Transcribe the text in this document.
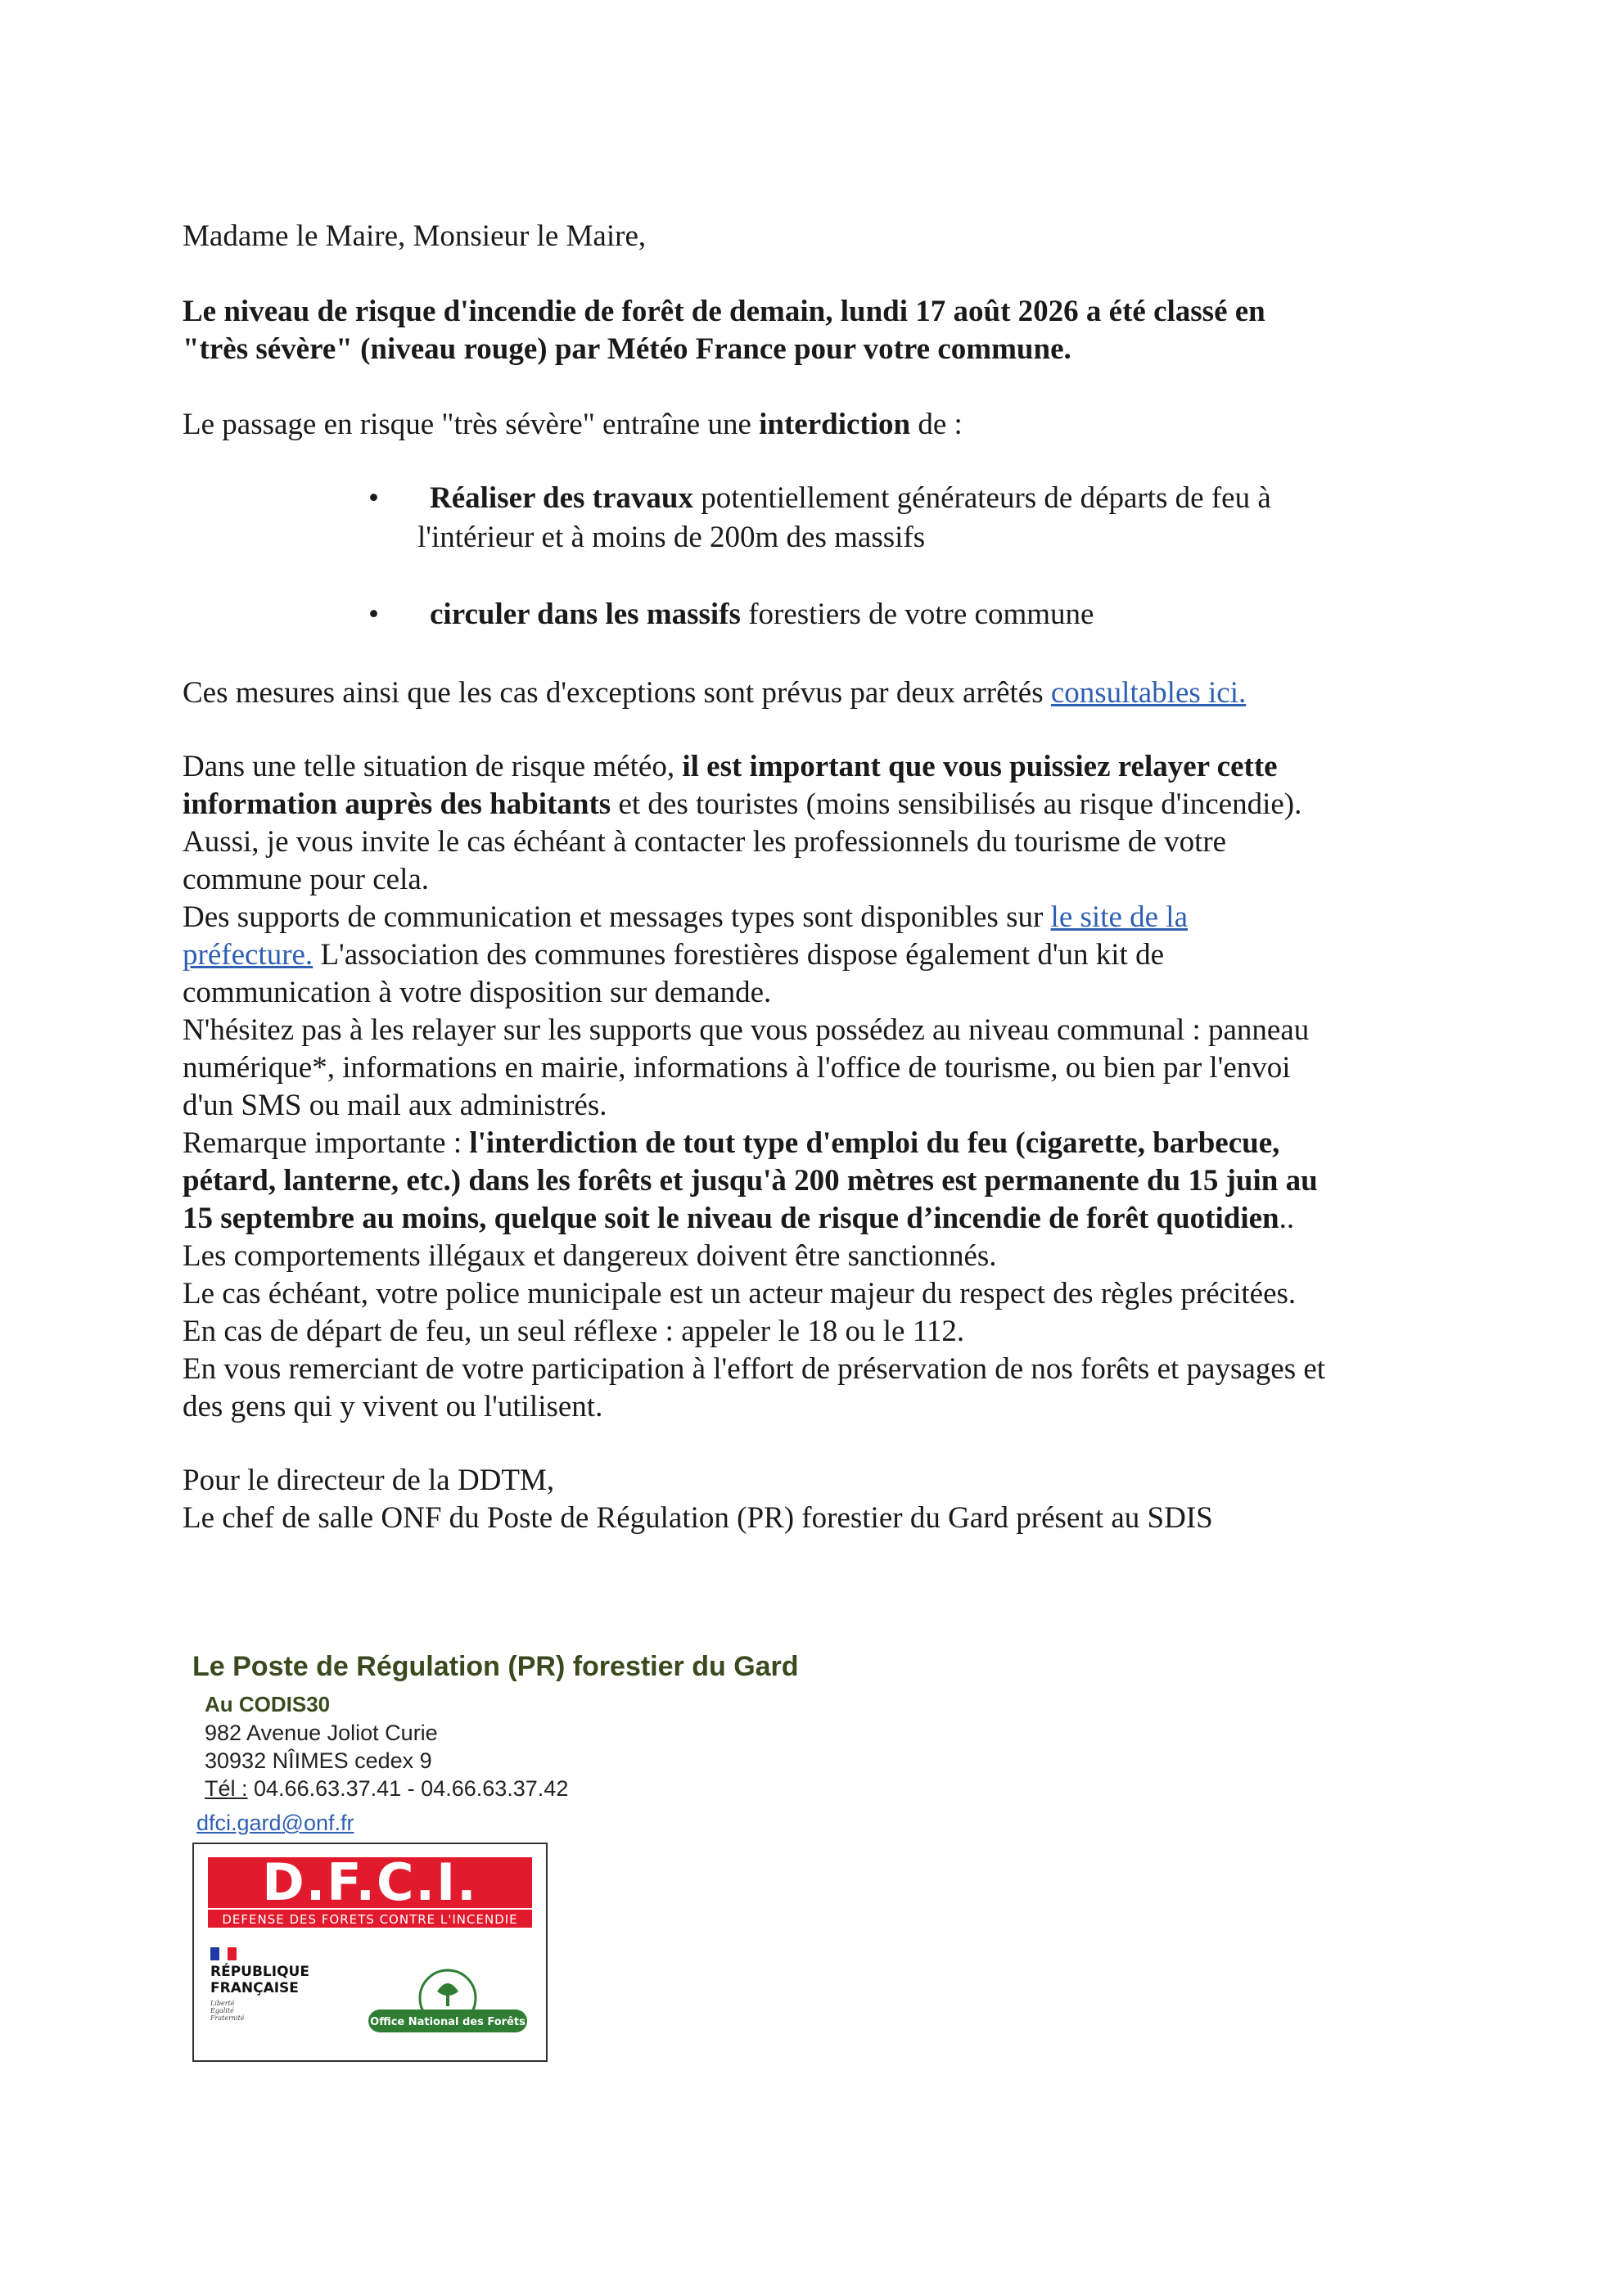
Madame le Maire, Monsieur le Maire,

Le niveau de risque d'incendie de forêt de demain, lundi 17 août 2026 a été classé en

"très sévère" (niveau rouge) par Météo France pour votre commune.

Le passage en risque "très sévère" entraîne une interdiction de :

•	Réaliser des travaux potentiellement générateurs de départs de feu à
l'intérieur et à moins de 200m des massifs
•	circuler dans les massifs forestiers de votre commune

Ces mesures ainsi que les cas d'exceptions sont prévus par deux arrêtés consultables ici.

Dans une telle situation de risque météo, il est important que vous puissiez relayer cette

information auprès des habitants et des touristes (moins sensibilisés au risque d'incendie).

Aussi, je vous invite le cas échéant à contacter les professionnels du tourisme de votre

commune pour cela.

Des supports de communication et messages types sont disponibles sur le site de la

préfecture. L'association des communes forestières dispose également d'un kit de

communication à votre disposition sur demande.

N'hésitez pas à les relayer sur les supports que vous possédez au niveau communal : panneau

numérique*, informations en mairie, informations à l'office de tourisme, ou bien par l'envoi

d'un SMS ou mail aux administrés.

Remarque importante : l'interdiction de tout type d'emploi du feu (cigarette, barbecue,

pétard, lanterne, etc.) dans les forêts et jusqu'à 200 mètres est permanente du 15 juin au

15 septembre au moins, quelque soit le niveau de risque d’incendie de forêt quotidien..

Les comportements illégaux et dangereux doivent être sanctionnés.

Le cas échéant, votre police municipale est un acteur majeur du respect des règles précitées.

En cas de départ de feu, un seul réflexe : appeler le 18 ou le 112.

En vous remerciant de votre participation à l'effort de préservation de nos forêts et paysages et

des gens qui y vivent ou l'utilisent.

Pour le directeur de la DDTM,

Le chef de salle ONF du Poste de Régulation (PR) forestier du Gard présent au SDIS

Le Poste de Régulation (PR) forestier du Gard
Au CODIS30
982 Avenue Joliot Curie
30932 NÎIMES cedex 9
Tél : 04.66.63.37.41 - 04.66.63.37.42
dfci.gard@onf.fr
D.F.C.I.
DEFENSE DES FORETS CONTRE L'INCENDIE
RÉPUBLIQUE
FRANÇAISE
Liberté
Égalité
Fraternité	Office National des Forêts
